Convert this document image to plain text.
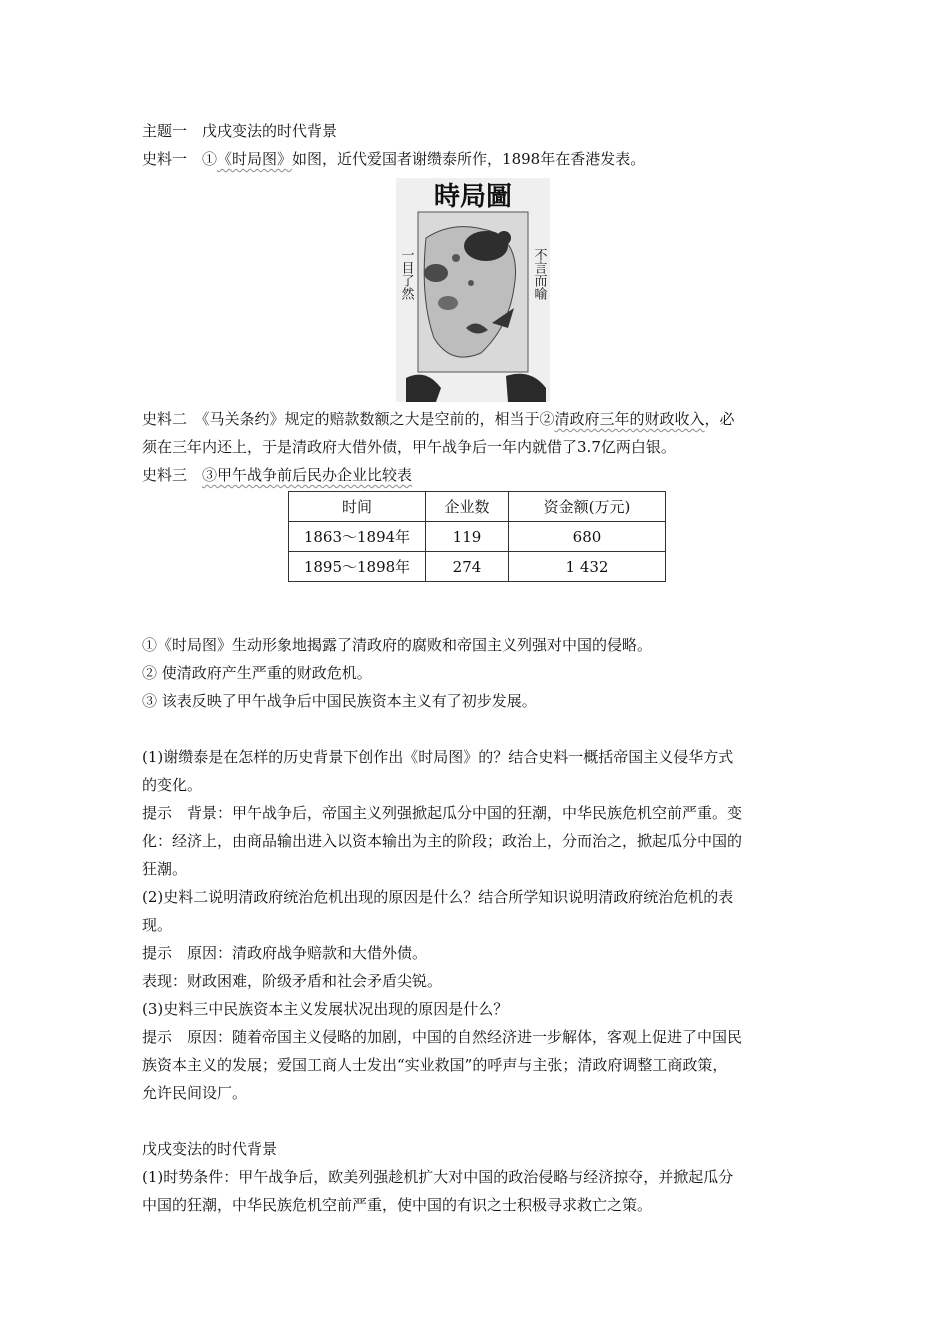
主题一　戊戌变法的时代背景
史料一　①《时局图》如图，近代爱国者谢缵泰所作，1898年在香港发表。
時局圖
一目了然	不言而喻
史料二　《马关条约》规定的赔款数额之大是空前的，相当于②清政府三年的财政收入，必
须在三年内还上，于是清政府大借外债，甲午战争后一年内就借了3.7亿两白银。
史料三　③甲午战争前后民办企业比较表
时间	企业数	资金额(万元)
1863～1894年	119	680
1895～1898年	274	1 432
①《时局图》生动形象地揭露了清政府的腐败和帝国主义列强对中国的侵略。
② 使清政府产生严重的财政危机。
③ 该表反映了甲午战争后中国民族资本主义有了初步发展。
(1)谢缵泰是在怎样的历史背景下创作出《时局图》的？结合史料一概括帝国主义侵华方式
的变化。
提示　背景：甲午战争后，帝国主义列强掀起瓜分中国的狂潮，中华民族危机空前严重。变
化：经济上，由商品输出进入以资本输出为主的阶段；政治上，分而治之，掀起瓜分中国的
狂潮。
(2)史料二说明清政府统治危机出现的原因是什么？结合所学知识说明清政府统治危机的表
现。
提示　原因：清政府战争赔款和大借外债。
表现：财政困难，阶级矛盾和社会矛盾尖锐。
(3)史料三中民族资本主义发展状况出现的原因是什么？
提示　原因：随着帝国主义侵略的加剧，中国的自然经济进一步解体，客观上促进了中国民
族资本主义的发展；爱国工商人士发出“实业救国”的呼声与主张；清政府调整工商政策，
允许民间设厂。
戊戌变法的时代背景
(1)时势条件：甲午战争后，欧美列强趁机扩大对中国的政治侵略与经济掠夺，并掀起瓜分
中国的狂潮，中华民族危机空前严重，使中国的有识之士积极寻求救亡之策。
